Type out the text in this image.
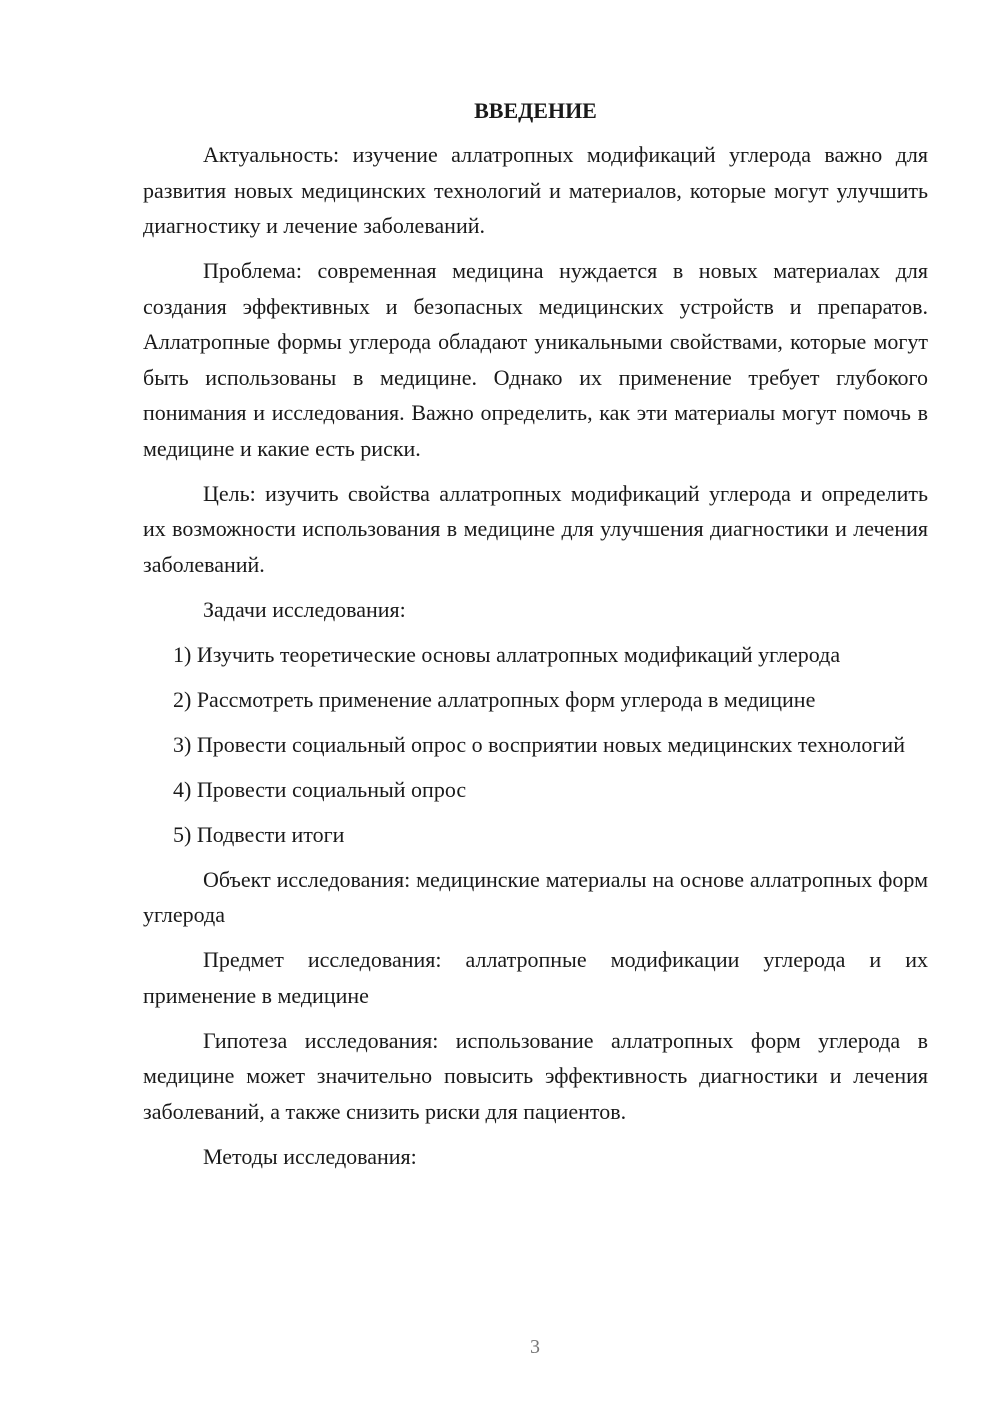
ВВЕДЕНИЕ

Актуальность: изучение аллатропных модификаций углерода важно для развития новых медицинских технологий и материалов, которые могут улучшить диагностику и лечение заболеваний.

Проблема: современная медицина нуждается в новых материалах для создания эффективных и безопасных медицинских устройств и препаратов. Аллатропные формы углерода обладают уникальными свойствами, которые могут быть использованы в медицине. Однако их применение требует глубокого понимания и исследования. Важно определить, как эти материалы могут помочь в медицине и какие есть риски.

Цель: изучить свойства аллатропных модификаций углерода и определить их возможности использования в медицине для улучшения диагностики и лечения заболеваний.

Задачи исследования:

1) Изучить теоретические основы аллатропных модификаций углерода

2) Рассмотреть применение аллатропных форм углерода в медицине

3) Провести социальный опрос о восприятии новых медицинских технологий

4) Провести социальный опрос

5) Подвести итоги

Объект исследования: медицинские материалы на основе аллатропных форм углерода

Предмет исследования: аллатропные модификации углерода и их применение в медицине

Гипотеза исследования: использование аллатропных форм углерода в медицине может значительно повысить эффективность диагностики и лечения заболеваний, а также снизить риски для пациентов.

Методы исследования:

3
